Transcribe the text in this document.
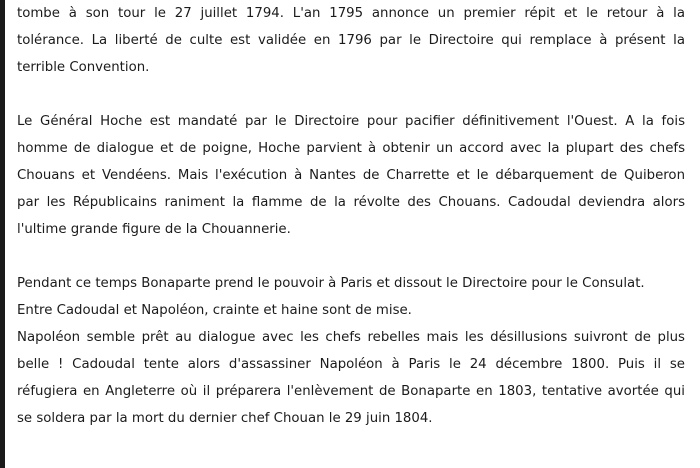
tombe à son tour le 27 juillet 1794. L'an 1795 annonce un premier répit et le retour à la
tolérance. La liberté de culte est validée en 1796 par le Directoire qui remplace à présent la
terrible Convention.
Le Général Hoche est mandaté par le Directoire pour pacifier définitivement l'Ouest. A la fois
homme de dialogue et de poigne, Hoche parvient à obtenir un accord avec la plupart des chefs
Chouans et Vendéens. Mais l'exécution à Nantes de Charrette et le débarquement de Quiberon
par les Républicains raniment la flamme de la révolte des Chouans. Cadoudal deviendra alors
l'ultime grande figure de la Chouannerie.
Pendant ce temps Bonaparte prend le pouvoir à Paris et dissout le Directoire pour le Consulat.
Entre Cadoudal et Napoléon, crainte et haine sont de mise.
Napoléon semble prêt au dialogue avec les chefs rebelles mais les désillusions suivront de plus
belle ! Cadoudal tente alors d'assassiner Napoléon à Paris le 24 décembre 1800. Puis il se
réfugiera en Angleterre où il préparera l'enlèvement de Bonaparte en 1803, tentative avortée qui
se soldera par la mort du dernier chef Chouan le 29 juin 1804.
